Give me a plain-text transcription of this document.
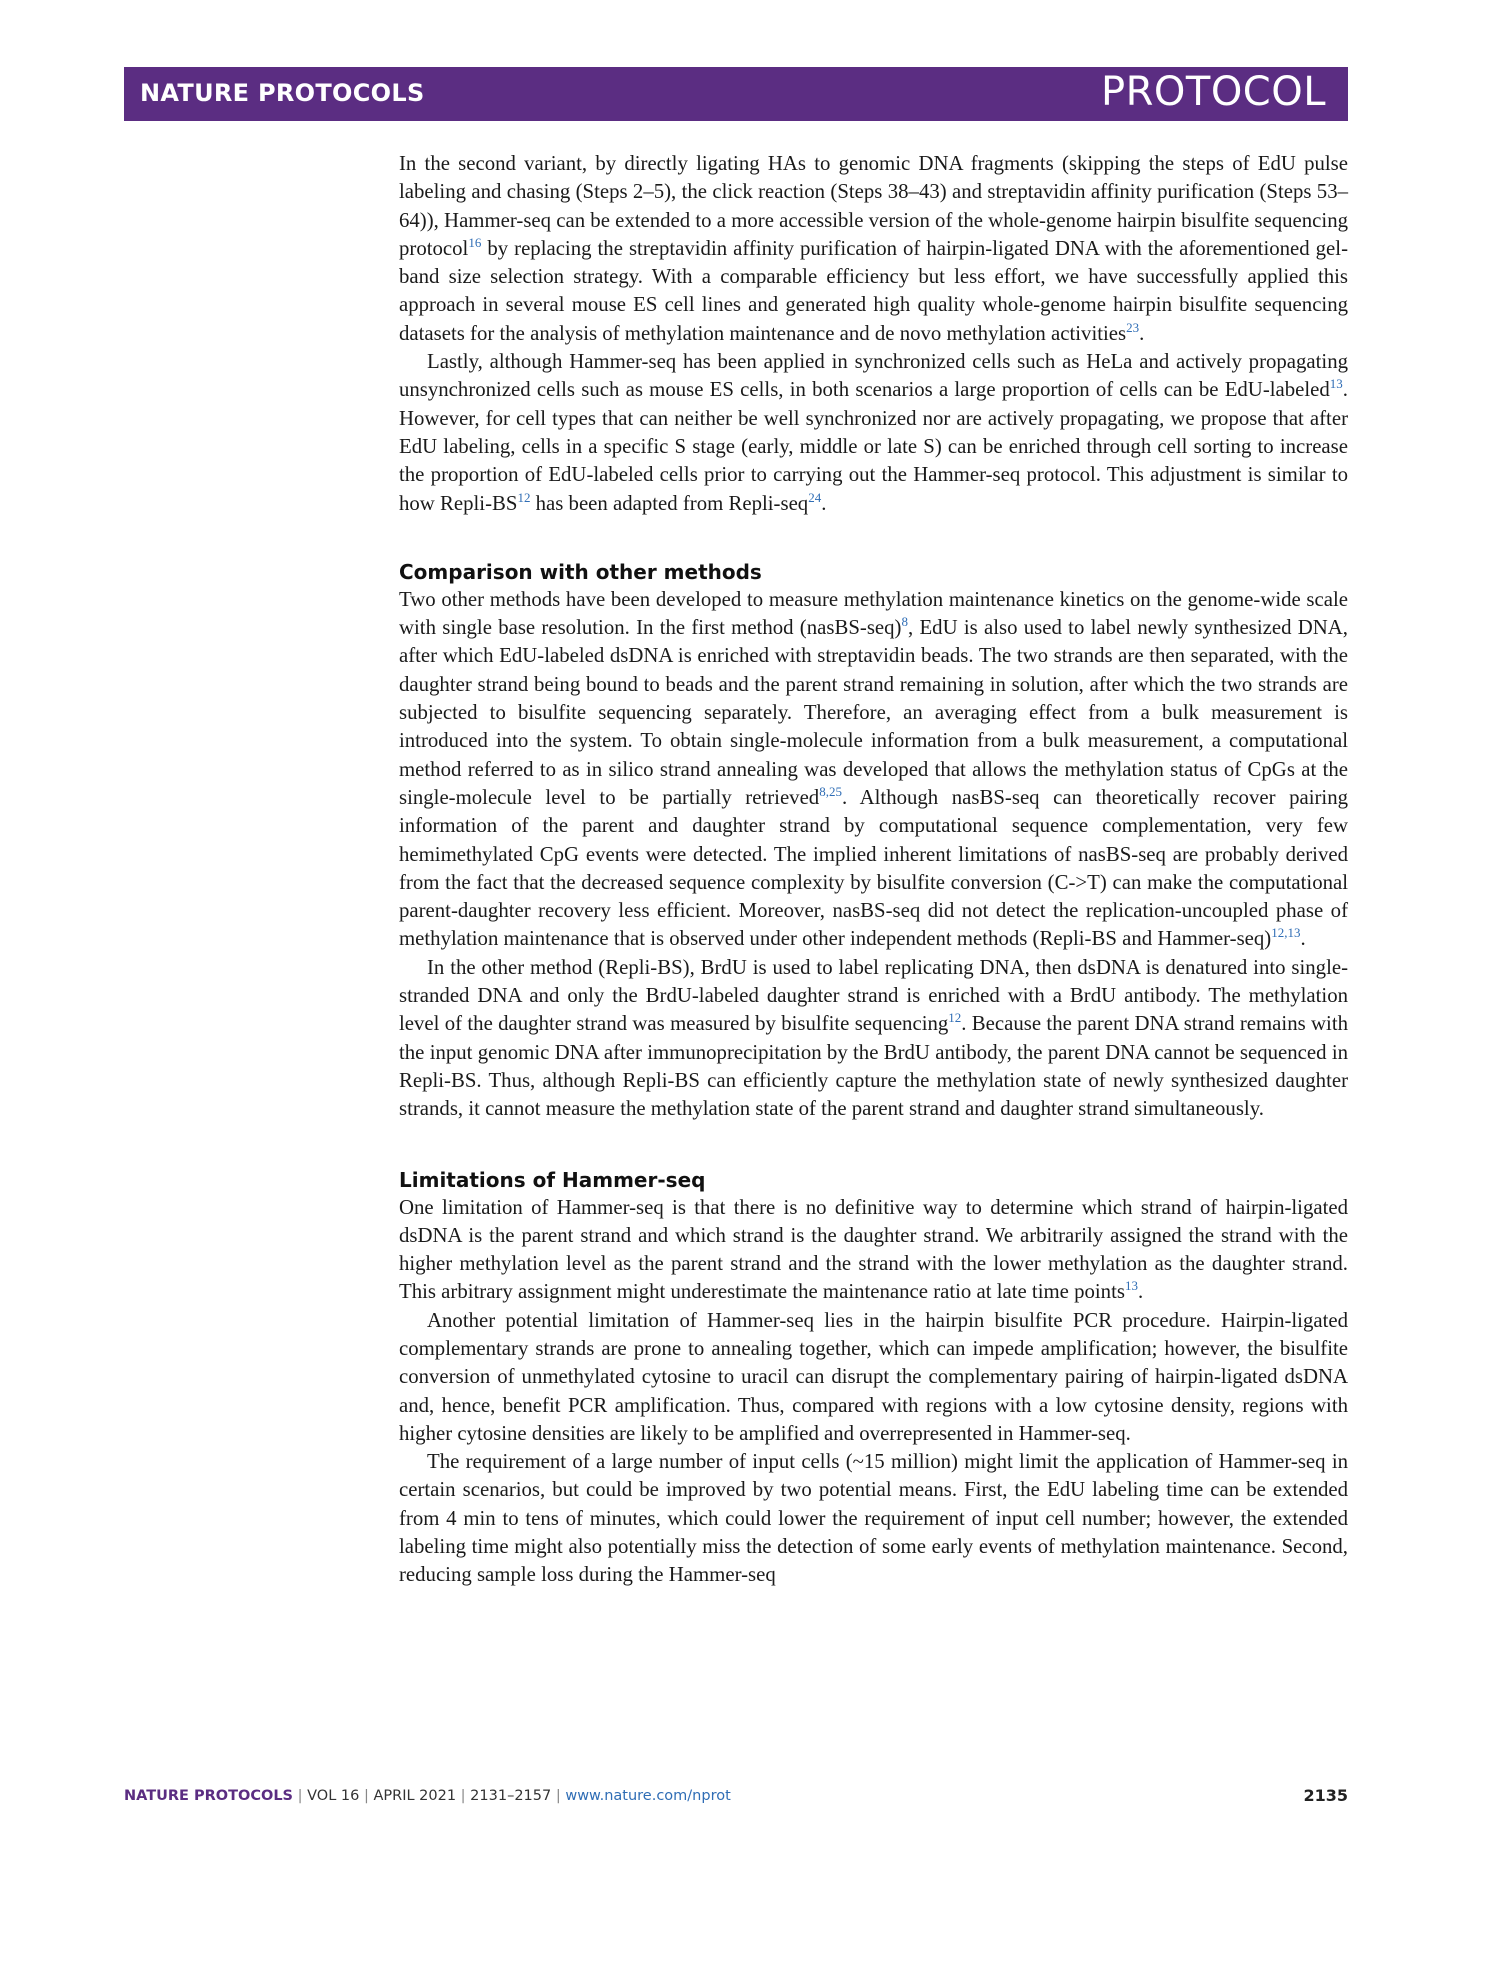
NATURE PROTOCOLS	PROTOCOL

In the second variant, by directly ligating HAs to genomic DNA fragments (skipping the steps of EdU pulse labeling and chasing (Steps 2–5), the click reaction (Steps 38–43) and streptavidin affinity purification (Steps 53–64)), Hammer-seq can be extended to a more accessible version of the whole-genome hairpin bisulfite sequencing protocol$^{16}$ by replacing the streptavidin affinity purification of hairpin-ligated DNA with the aforementioned gel-band size selection strategy. With a comparable efficiency but less effort, we have successfully applied this approach in several mouse ES cell lines and generated high quality whole-genome hairpin bisulfite sequencing datasets for the analysis of methylation maintenance and de novo methylation activities$^{23}$.

Lastly, although Hammer-seq has been applied in synchronized cells such as HeLa and actively propagating unsynchronized cells such as mouse ES cells, in both scenarios a large proportion of cells can be EdU-labeled$^{13}$. However, for cell types that can neither be well synchronized nor are actively propagating, we propose that after EdU labeling, cells in a specific S stage (early, middle or late S) can be enriched through cell sorting to increase the proportion of EdU-labeled cells prior to carrying out the Hammer-seq protocol. This adjustment is similar to how Repli-BS$^{12}$ has been adapted from Repli-seq$^{24}$.

Comparison with other methods

Two other methods have been developed to measure methylation maintenance kinetics on the genome-wide scale with single base resolution. In the first method (nasBS-seq)$^8$, EdU is also used to label newly synthesized DNA, after which EdU-labeled dsDNA is enriched with streptavidin beads. The two strands are then separated, with the daughter strand being bound to beads and the parent strand remaining in solution, after which the two strands are subjected to bisulfite sequencing separately. Therefore, an averaging effect from a bulk measurement is introduced into the system. To obtain single-molecule information from a bulk measurement, a computational method referred to as in silico strand annealing was developed that allows the methylation status of CpGs at the single-molecule level to be partially retrieved$^{8,25}$. Although nasBS-seq can theoretically recover pairing information of the parent and daughter strand by computational sequence complementation, very few hemimethylated CpG events were detected. The implied inherent limitations of nasBS-seq are probably derived from the fact that the decreased sequence complexity by bisulfite conversion (C->T) can make the computational parent-daughter recovery less efficient. Moreover, nasBS-seq did not detect the replication-uncoupled phase of methylation maintenance that is observed under other independent methods (Repli-BS and Hammer-seq)$^{12,13}$.

In the other method (Repli-BS), BrdU is used to label replicating DNA, then dsDNA is denatured into single-stranded DNA and only the BrdU-labeled daughter strand is enriched with a BrdU antibody. The methylation level of the daughter strand was measured by bisulfite sequencing$^{12}$. Because the parent DNA strand remains with the input genomic DNA after immunoprecipitation by the BrdU antibody, the parent DNA cannot be sequenced in Repli-BS. Thus, although Repli-BS can efficiently capture the methylation state of newly synthesized daughter strands, it cannot measure the methylation state of the parent strand and daughter strand simultaneously.

Limitations of Hammer-seq

One limitation of Hammer-seq is that there is no definitive way to determine which strand of hairpin-ligated dsDNA is the parent strand and which strand is the daughter strand. We arbitrarily assigned the strand with the higher methylation level as the parent strand and the strand with the lower methylation as the daughter strand. This arbitrary assignment might underestimate the maintenance ratio at late time points$^{13}$.

Another potential limitation of Hammer-seq lies in the hairpin bisulfite PCR procedure. Hairpin-ligated complementary strands are prone to annealing together, which can impede amplification; however, the bisulfite conversion of unmethylated cytosine to uracil can disrupt the complementary pairing of hairpin-ligated dsDNA and, hence, benefit PCR amplification. Thus, compared with regions with a low cytosine density, regions with higher cytosine densities are likely to be amplified and overrepresented in Hammer-seq.

The requirement of a large number of input cells (~15 million) might limit the application of Hammer-seq in certain scenarios, but could be improved by two potential means. First, the EdU labeling time can be extended from 4 min to tens of minutes, which could lower the requirement of input cell number; however, the extended labeling time might also potentially miss the detection of some early events of methylation maintenance. Second, reducing sample loss during the Hammer-seq

NATURE PROTOCOLS | VOL 16 | APRIL 2021 | 2131–2157 | www.nature.com/nprot	2135
